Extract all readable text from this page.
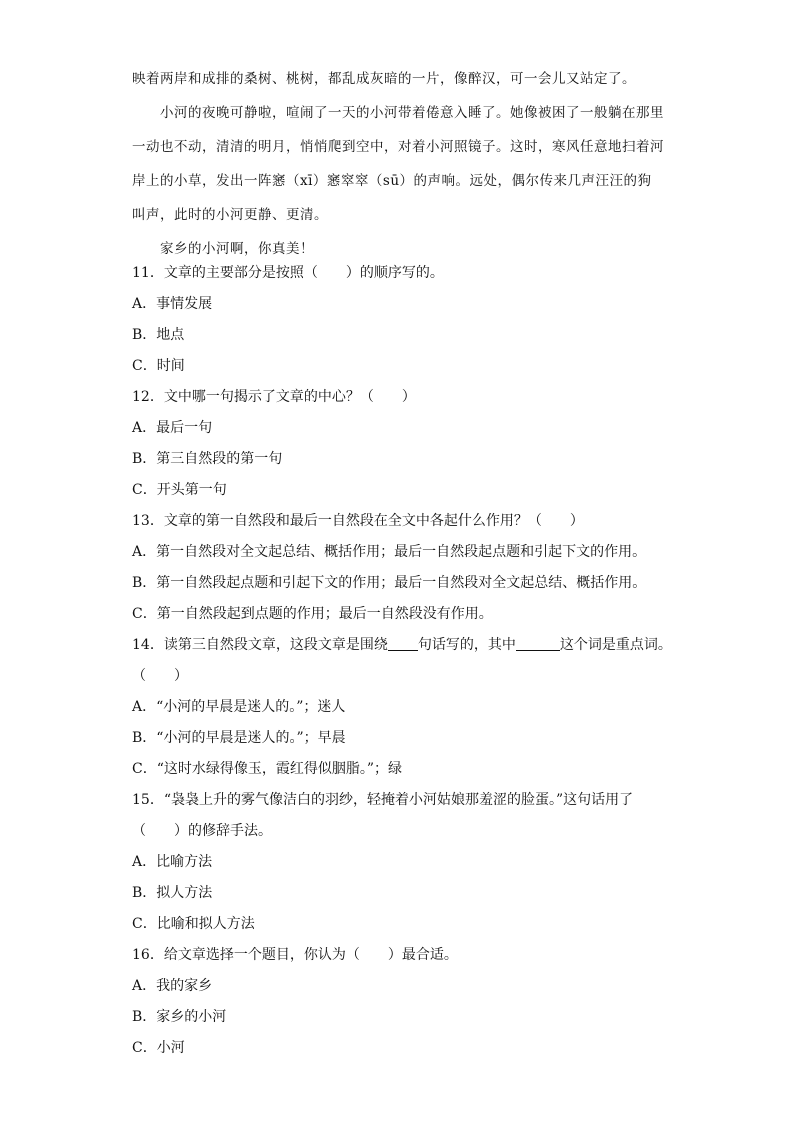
映着两岸和成排的桑树、桃树，都乱成灰暗的一片，像醉汉，可一会儿又站定了。

小河的夜晚可静啦，喧闹了一天的小河带着倦意入睡了。她像被困了一般躺在那里

一动也不动，清清的明月，悄悄爬到空中，对着小河照镜子。这时，寒风任意地扫着河

岸上的小草，发出一阵窸（xī）窸窣窣（sū）的声响。远处，偶尔传来几声汪汪的狗

叫声，此时的小河更静、更清。

家乡的小河啊，你真美！

11．文章的主要部分是按照（　　）的顺序写的。
A．事情发展
B．地点
C．时间
12．文中哪一句揭示了文章的中心？（　　）
A．最后一句
B．第三自然段的第一句
C．开头第一句
13．文章的第一自然段和最后一自然段在全文中各起什么作用？（　　）
A．第一自然段对全文起总结、概括作用；最后一自然段起点题和引起下文的作用。
B．第一自然段起点题和引起下文的作用；最后一自然段对全文起总结、概括作用。
C．第一自然段起到点题的作用；最后一自然段没有作用。
14．读第三自然段文章，这段文章是围绕 句话写的，其中	这个词是重点词。
（　　）
A．“小河的早晨是迷人的。”；迷人
B．“小河的早晨是迷人的。”；早晨
C．“这时水绿得像玉，霞红得似胭脂。”；绿
15．“袅袅上升的雾气像洁白的羽纱，轻掩着小河姑娘那羞涩的脸蛋。”这句话用了
（　　）的修辞手法。
A．比喻方法
B．拟人方法
C．比喻和拟人方法
16．给文章选择一个题目，你认为（　　）最合适。
A．我的家乡
B．家乡的小河
C．小河
